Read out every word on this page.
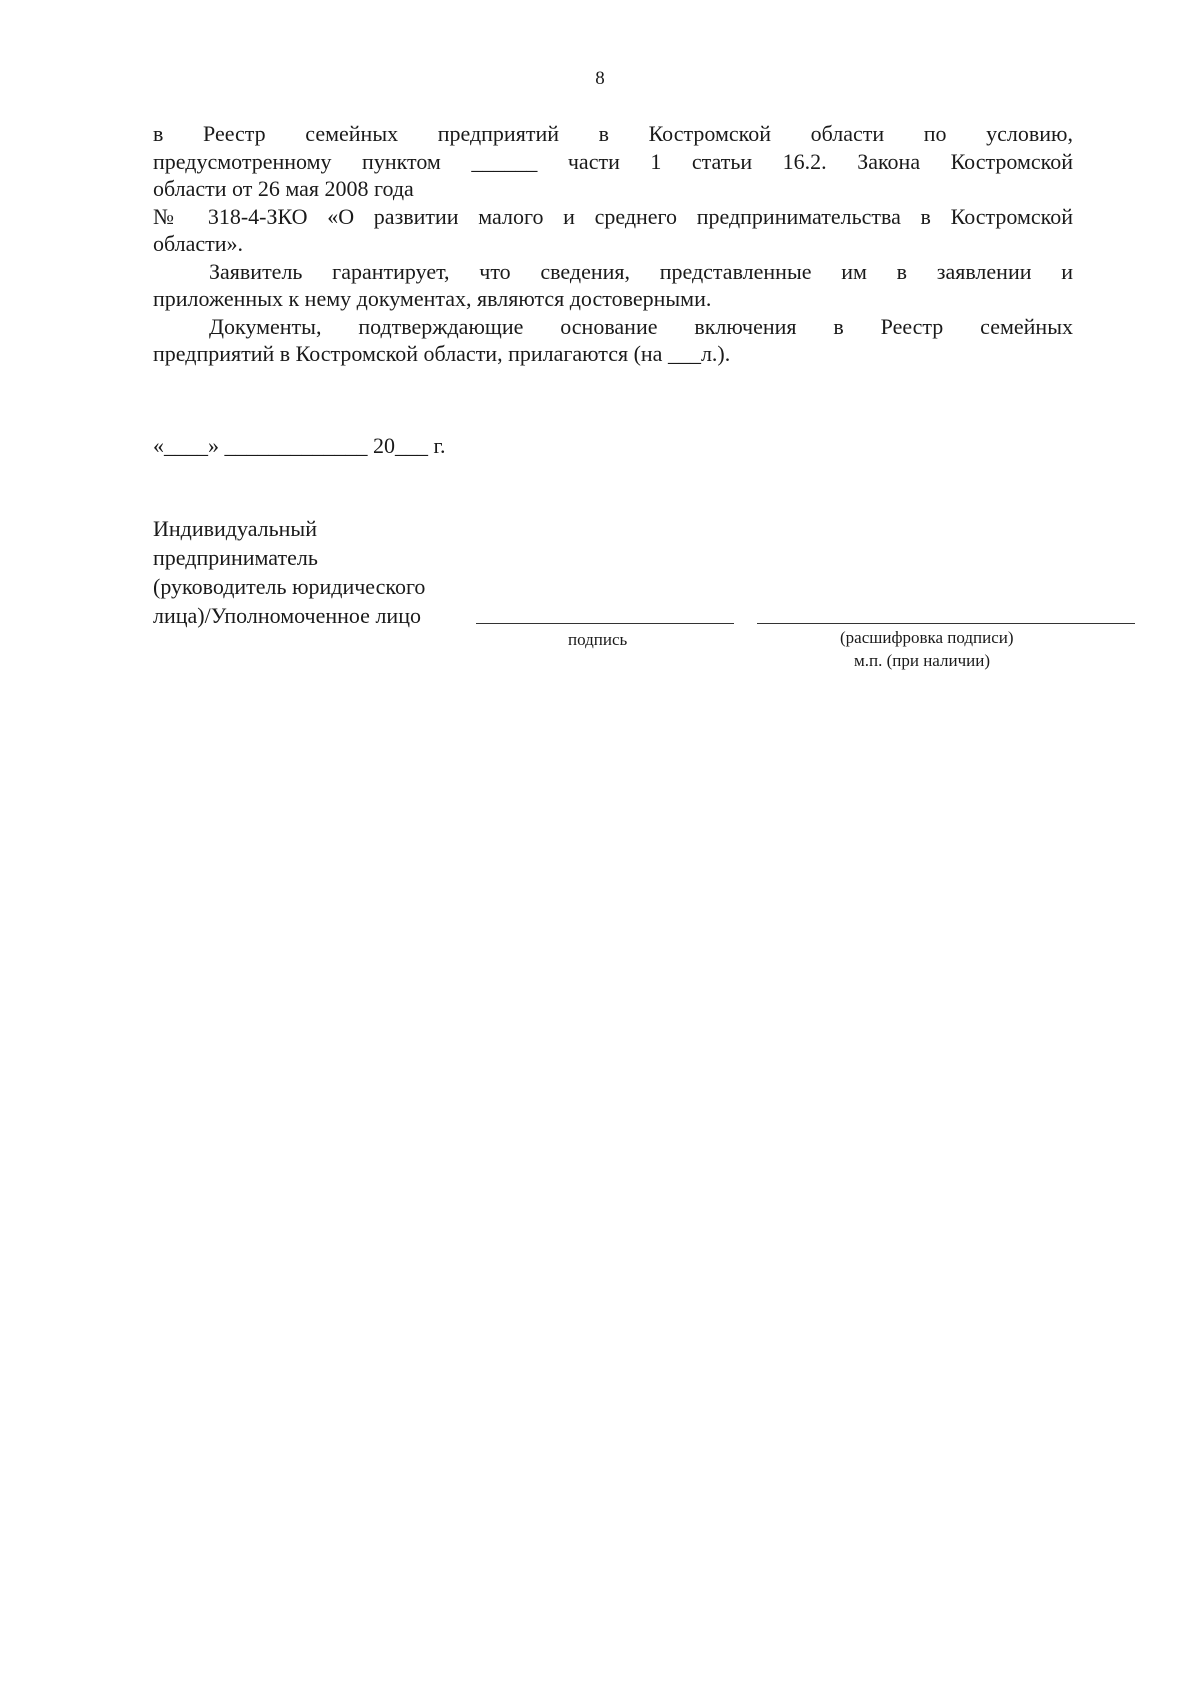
8
в Реестр семейных предприятий в Костромской области по условию,
предусмотренному пунктом ______ части 1 статьи 16.2. Закона Костромской
области от 26 мая 2008 года
№ 318-4-ЗКО «О развитии малого и среднего предпринимательства в Костромской
области».
Заявитель гарантирует, что сведения, представленные им в заявлении и
приложенных к нему документах, являются достоверными.
Документы, подтверждающие основание включения в Реестр семейных
предприятий в Костромской области, прилагаются (на ___л.).
«____» _____________ 20___ г.
Индивидуальный
предприниматель
(руководитель юридического
лица)/Уполномоченное лицо
подпись	(расшифровка подписи)
м.п. (при наличии)
